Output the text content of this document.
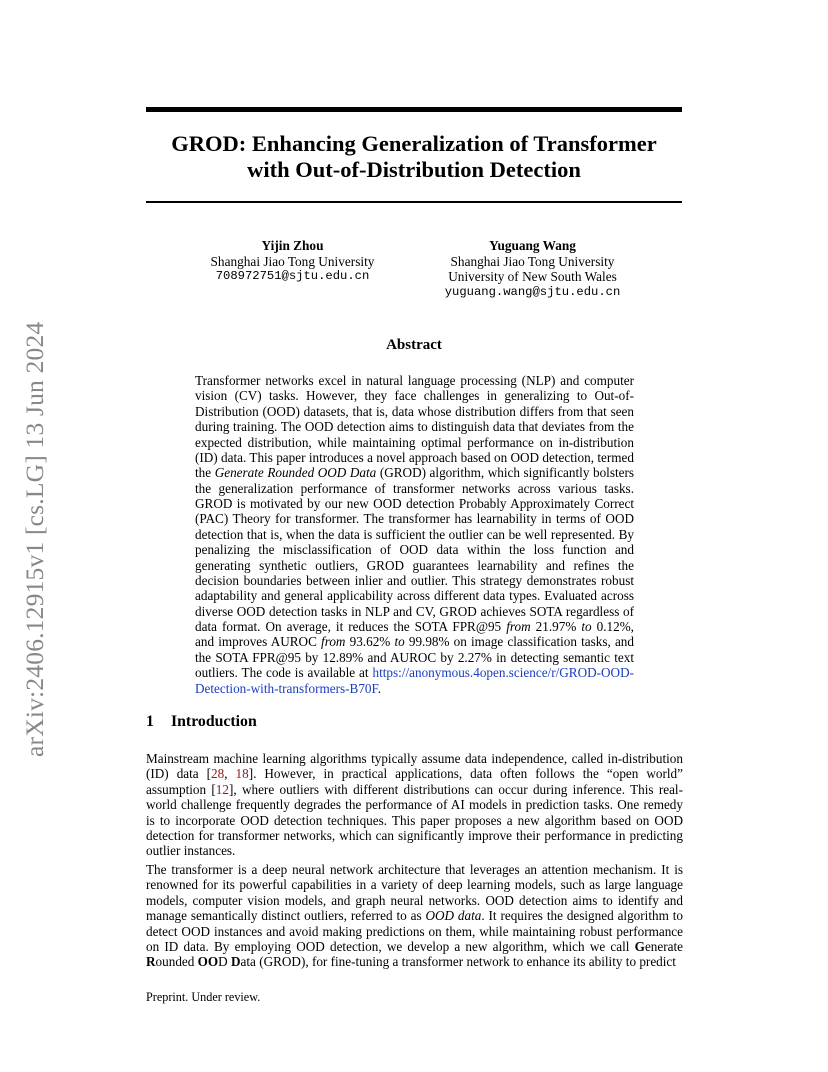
arXiv:2406.12915v1 [cs.LG] 13 Jun 2024
GROD: Enhancing Generalization of Transformer
with Out-of-Distribution Detection
Yijin Zhou
Shanghai Jiao Tong University
708972751@sjtu.edu.cn
Yuguang Wang
Shanghai Jiao Tong University
University of New South Wales
yuguang.wang@sjtu.edu.cn
Abstract
Transformer networks excel in natural language processing (NLP) and computer vision (CV) tasks. However, they face challenges in generalizing to Out-of-Distribution (OOD) datasets, that is, data whose distribution differs from that seen during training. The OOD detection aims to distinguish data that deviates from the expected distribution, while maintaining optimal performance on in-distribution (ID) data. This paper introduces a novel approach based on OOD detection, termed the Generate Rounded OOD Data (GROD) algorithm, which significantly bolsters the generalization performance of transformer networks across various tasks. GROD is motivated by our new OOD detection Probably Approximately Correct (PAC) Theory for transformer. The transformer has learnability in terms of OOD detection that is, when the data is sufficient the outlier can be well represented. By penalizing the misclassification of OOD data within the loss function and generating synthetic outliers, GROD guarantees learnability and refines the decision boundaries between inlier and outlier. This strategy demonstrates robust adaptability and general applicability across different data types. Evaluated across diverse OOD detection tasks in NLP and CV, GROD achieves SOTA regardless of data format. On average, it reduces the SOTA FPR@95 from 21.97% to 0.12%, and improves AUROC from 93.62% to 99.98% on image classification tasks, and the SOTA FPR@95 by 12.89% and AUROC by 2.27% in detecting semantic text outliers. The code is available at https://anonymous.4open.science/r/GROD-OOD-Detection-with-transformers-B70F.
1 Introduction
Mainstream machine learning algorithms typically assume data independence, called in-distribution (ID) data [28, 18]. However, in practical applications, data often follows the “open world” assumption [12], where outliers with different distributions can occur during inference. This real-world challenge frequently degrades the performance of AI models in prediction tasks. One remedy is to incorporate OOD detection techniques. This paper proposes a new algorithm based on OOD detection for transformer networks, which can significantly improve their performance in predicting outlier instances.
The transformer is a deep neural network architecture that leverages an attention mechanism. It is renowned for its powerful capabilities in a variety of deep learning models, such as large language models, computer vision models, and graph neural networks. OOD detection aims to identify and manage semantically distinct outliers, referred to as OOD data. It requires the designed algorithm to detect OOD instances and avoid making predictions on them, while maintaining robust performance on ID data. By employing OOD detection, we develop a new algorithm, which we call Generate Rounded OOD Data (GROD), for fine-tuning a transformer network to enhance its ability to predict
Preprint. Under review.
